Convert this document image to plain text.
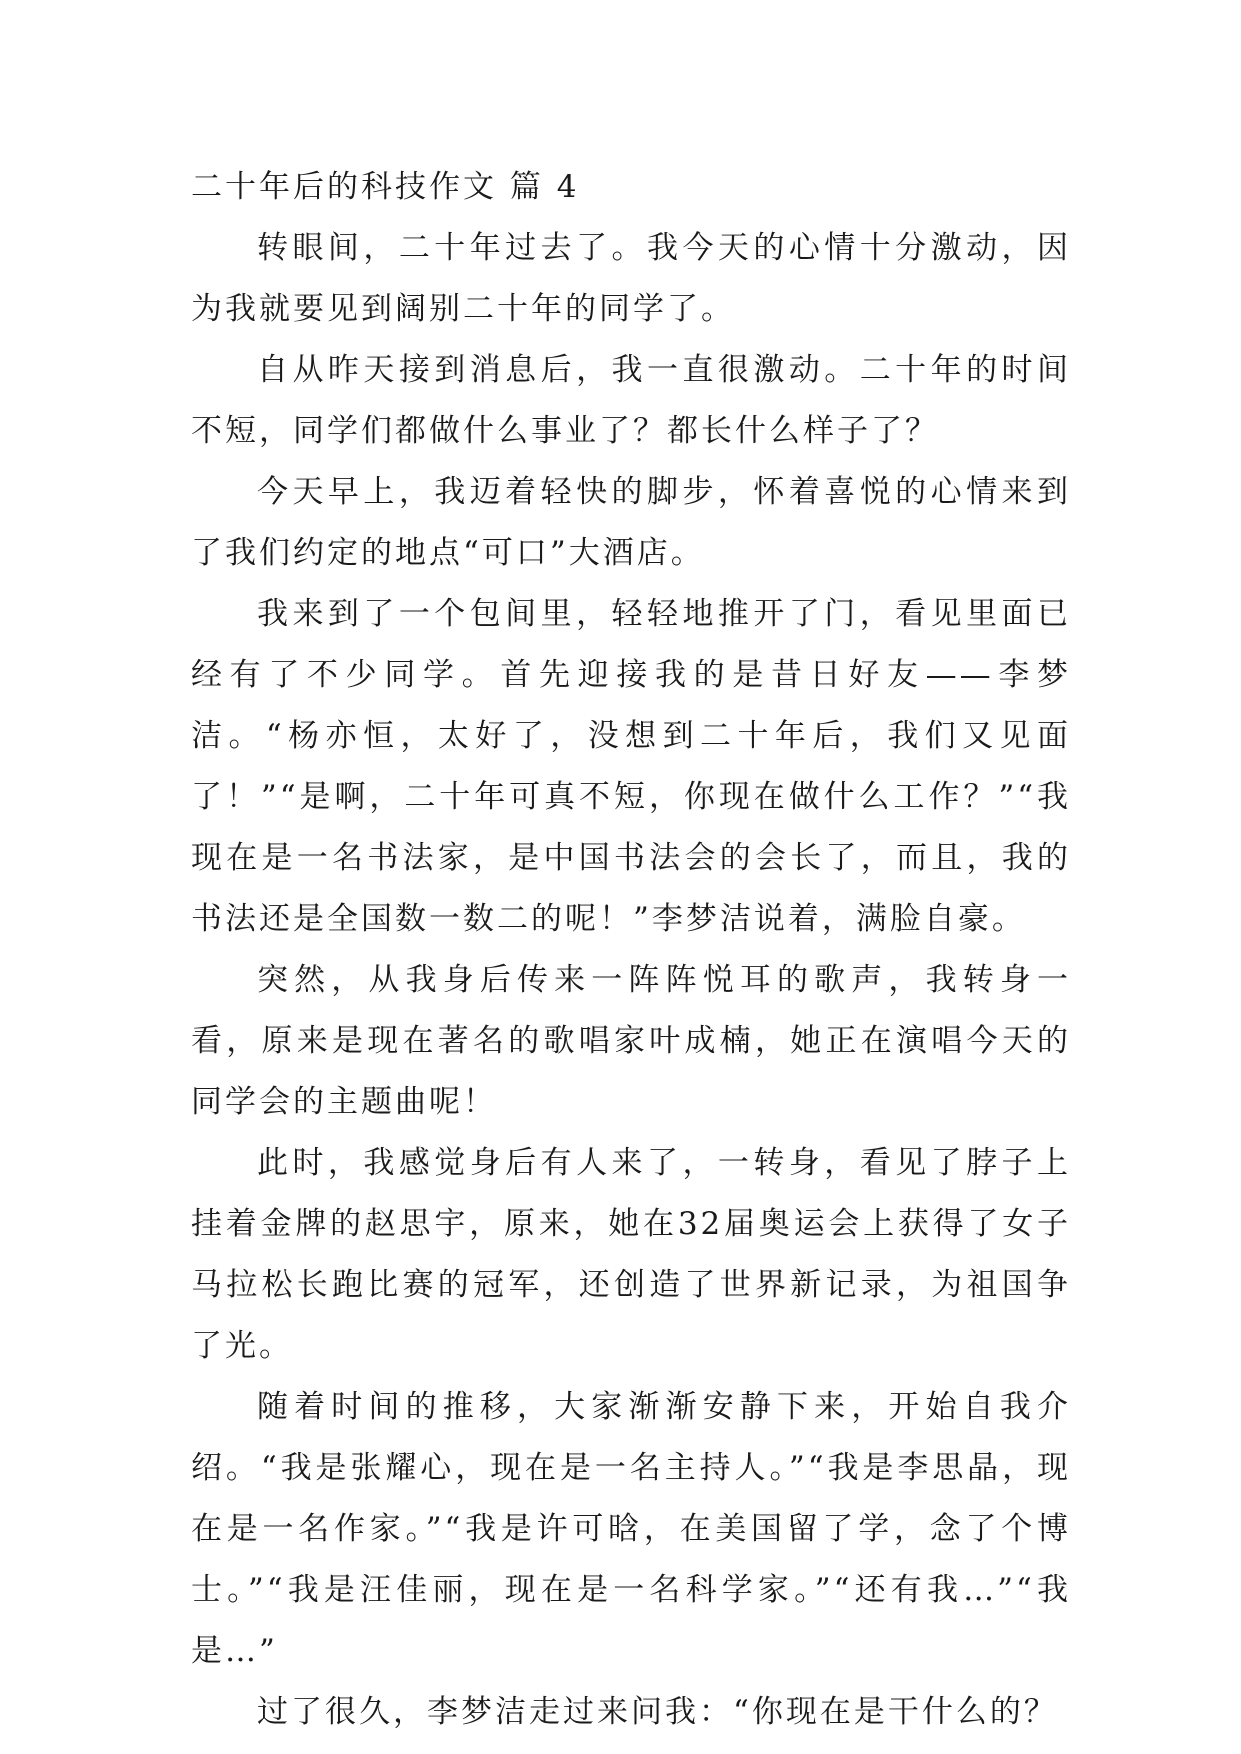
二十年后的科技作文 篇 4

转眼间，二十年过去了。我今天的心情十分激动，因为我就要见到阔别二十年的同学了。

自从昨天接到消息后，我一直很激动。二十年的时间不短，同学们都做什么事业了？都长什么样子了？

今天早上，我迈着轻快的脚步，怀着喜悦的心情来到了我们约定的地点“可口”大酒店。

我来到了一个包间里，轻轻地推开了门，看见里面已经有了不少同学。首先迎接我的是昔日好友——李梦洁。“杨亦恒，太好了，没想到二十年后，我们又见面了！”“是啊，二十年可真不短，你现在做什么工作？”“我现在是一名书法家，是中国书法会的会长了，而且，我的书法还是全国数一数二的呢！”李梦洁说着，满脸自豪。

突然，从我身后传来一阵阵悦耳的歌声，我转身一看，原来是现在著名的歌唱家叶成楠，她正在演唱今天的同学会的主题曲呢！

此时，我感觉身后有人来了，一转身，看见了脖子上挂着金牌的赵思宇，原来，她在32届奥运会上获得了女子马拉松长跑比赛的冠军，还创造了世界新记录，为祖国争了光。

随着时间的推移，大家渐渐安静下来，开始自我介绍。“我是张耀心，现在是一名主持人。”“我是李思晶，现在是一名作家。”“我是许可晗，在美国留了学，念了个博士。”“我是汪佳丽，现在是一名科学家。”“还有我…”“我是…”

过了很久，李梦洁走过来问我：“你现在是干什么的？
